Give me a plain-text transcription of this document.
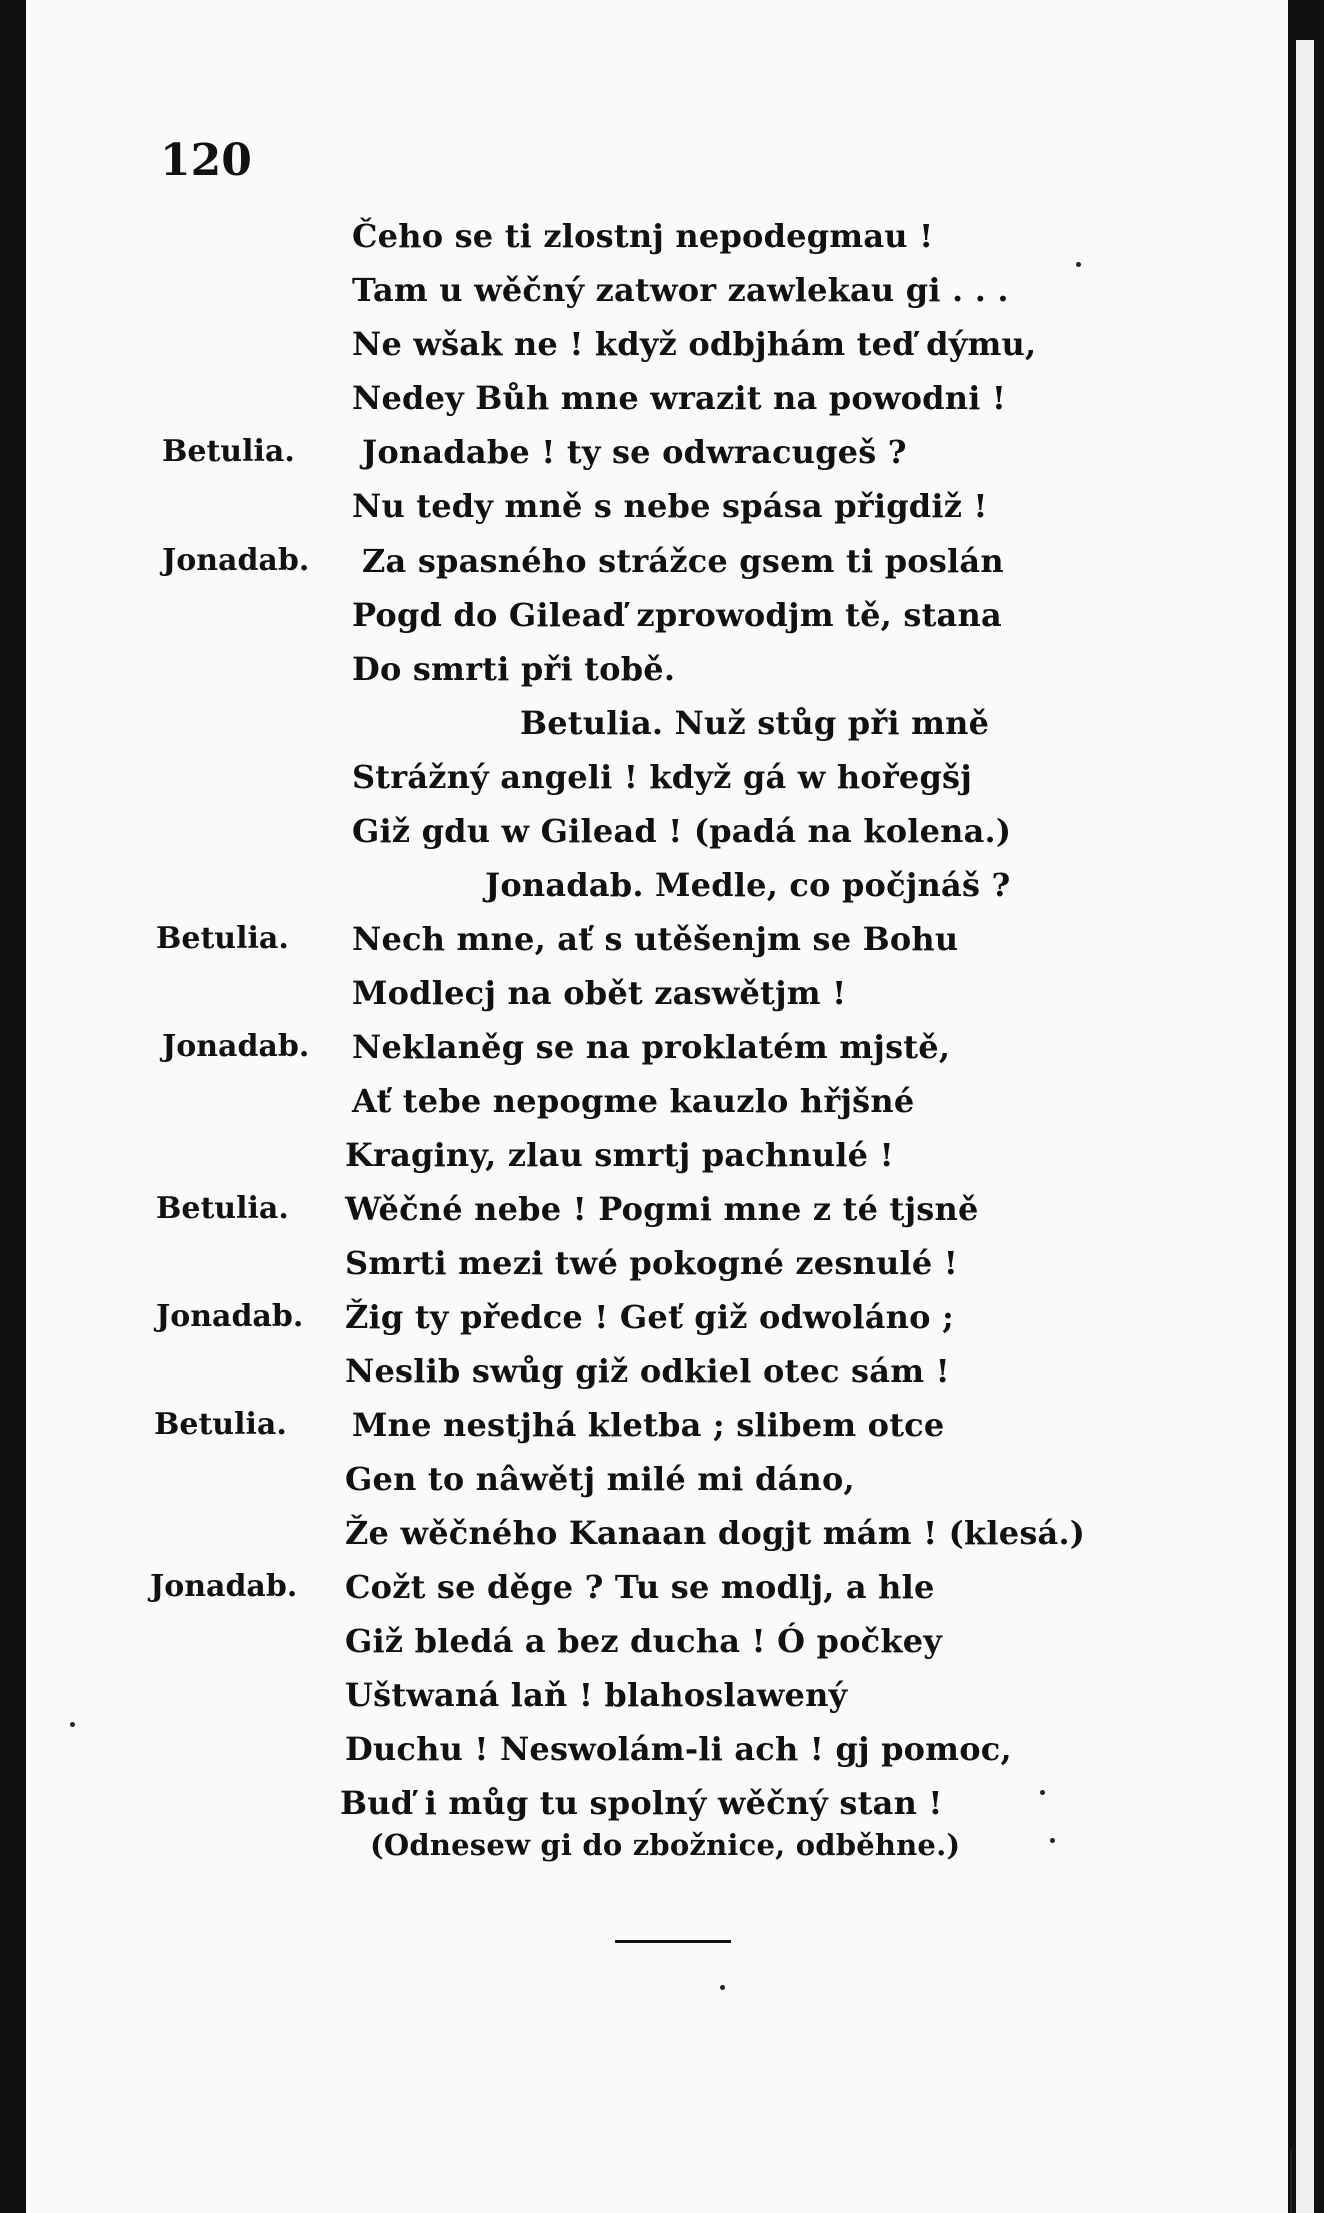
120
Čeho se ti zlostnj nepodegmau !
Tam u wěčný zatwor zawlekau gi . . .
Ne wšak ne ! když odbjhám teď dýmu,
Nedey Bůh mne wrazit na powodni !
Betulia. Jonadabe ! ty se odwracugeš ?
Nu tedy mně s nebe spása přigdiž !
Jonadab. Za spasného strážce gsem ti poslán
Pogd do Gileaď zprowodjm tě, stana
Do smrti při tobě.
Betulia. Nuž stůg při mně
Strážný angeli ! když gá w hořegšj
Giž gdu w Gilead ! (padá na kolena.)
Jonadab. Medle, co počjnáš ?
Betulia. Nech mne, ať s utěšenjm se Bohu
Modlecj na obět zaswětjm !
Jonadab. Neklaněg se na proklatém mjstě,
Ať tebe nepogme kauzlo hřjšné
Kraginy, zlau smrtj pachnulé !
Betulia. Wěčné nebe ! Pogmi mne z té tjsně
Smrti mezi twé pokogné zesnulé !
Jonadab. Žig ty předce ! Geť giž odwoláno ;
Neslib swůg giž odkiel otec sám !
Betulia. Mne nestjhá kletba ; slibem otce
Gen to nâwětj milé mi dáno,
Že wěčného Kanaan dogjt mám ! (klesá.)
Jonadab. Cožt se děge ? Tu se modlj, a hle
Giž bledá a bez ducha ! Ó počkey
Uštwaná laň ! blahoslawený
Duchu ! Neswolám-li ach ! gj pomoc,
Buď i můg tu spolný wěčný stan !
(Odnesew gi do zbožnice, odběhne.)
